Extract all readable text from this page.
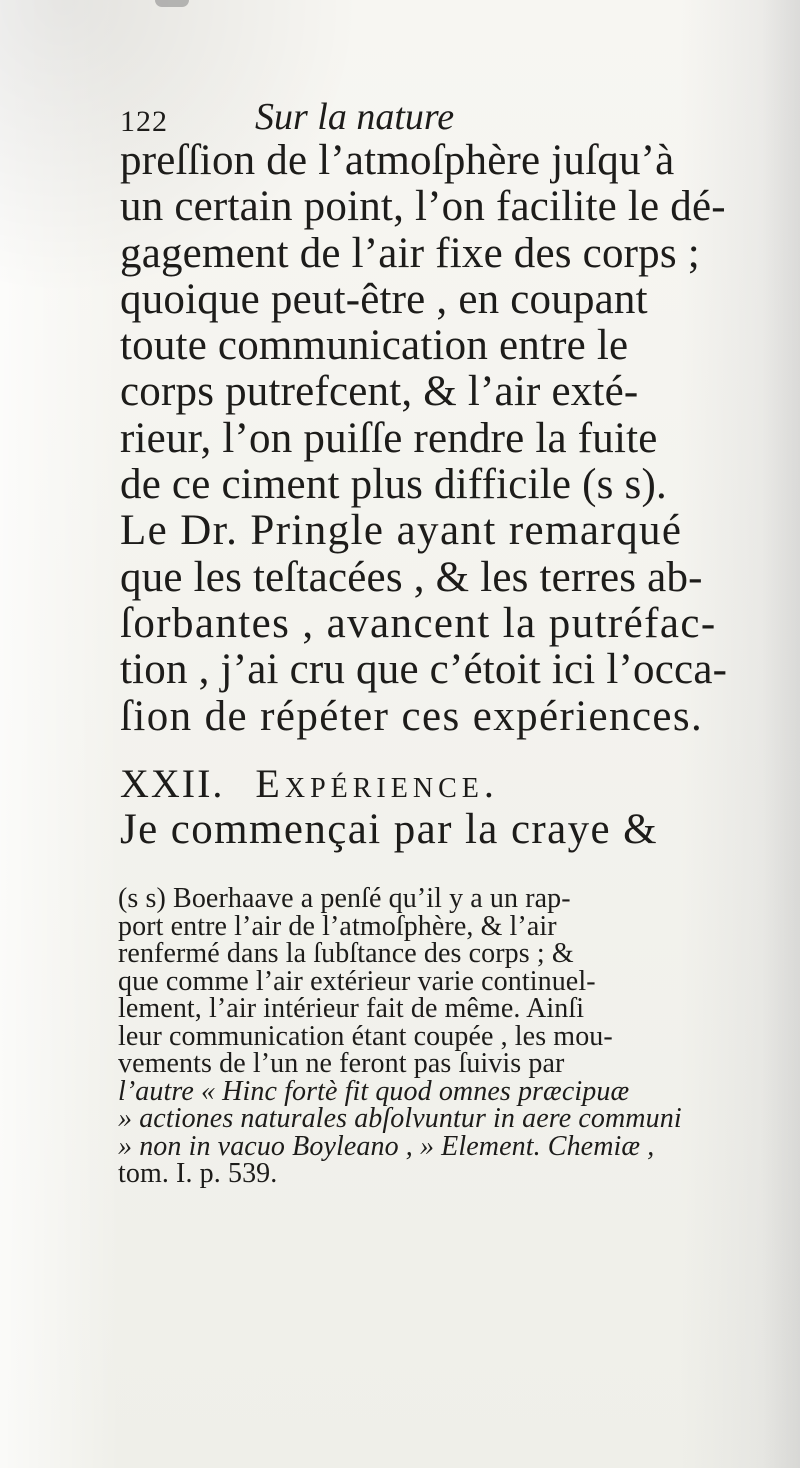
122 Sur la nature
preſſion de l’atmoſphère juſqu’à
un certain point, l’on facilite le dé-
gagement de l’air fixe des corps ;
quoique peut-être , en coupant
toute communication entre le
corps putrefcent, & l’air exté-
rieur, l’on puiſſe rendre la fuite
de ce ciment plus difficile (s s).
Le Dr. Pringle ayant remarqué
que les teſtacées , & les terres ab-
ſorbantes , avancent la putréfac-
tion , j’ai cru que c’étoit ici l’occa-
ſion de répéter ces expériences.
XXII. Expérience.
Je commençai par la craye &
(s s) Boerhaave a penſé qu’il y a un rap-
port entre l’air de l’atmoſphère, & l’air
renfermé dans la ſubſtance des corps ; &
que comme l’air extérieur varie continuel-
lement, l’air intérieur fait de même. Ainſi
leur communication étant coupée , les mou-
vements de l’un ne feront pas ſuivis par
l’autre « Hinc fortè fit quod omnes præcipuæ
» actiones naturales abſolvuntur in aere communi
» non in vacuo Boyleano , » Element. Chemiæ ,
tom. I. p. 539.
